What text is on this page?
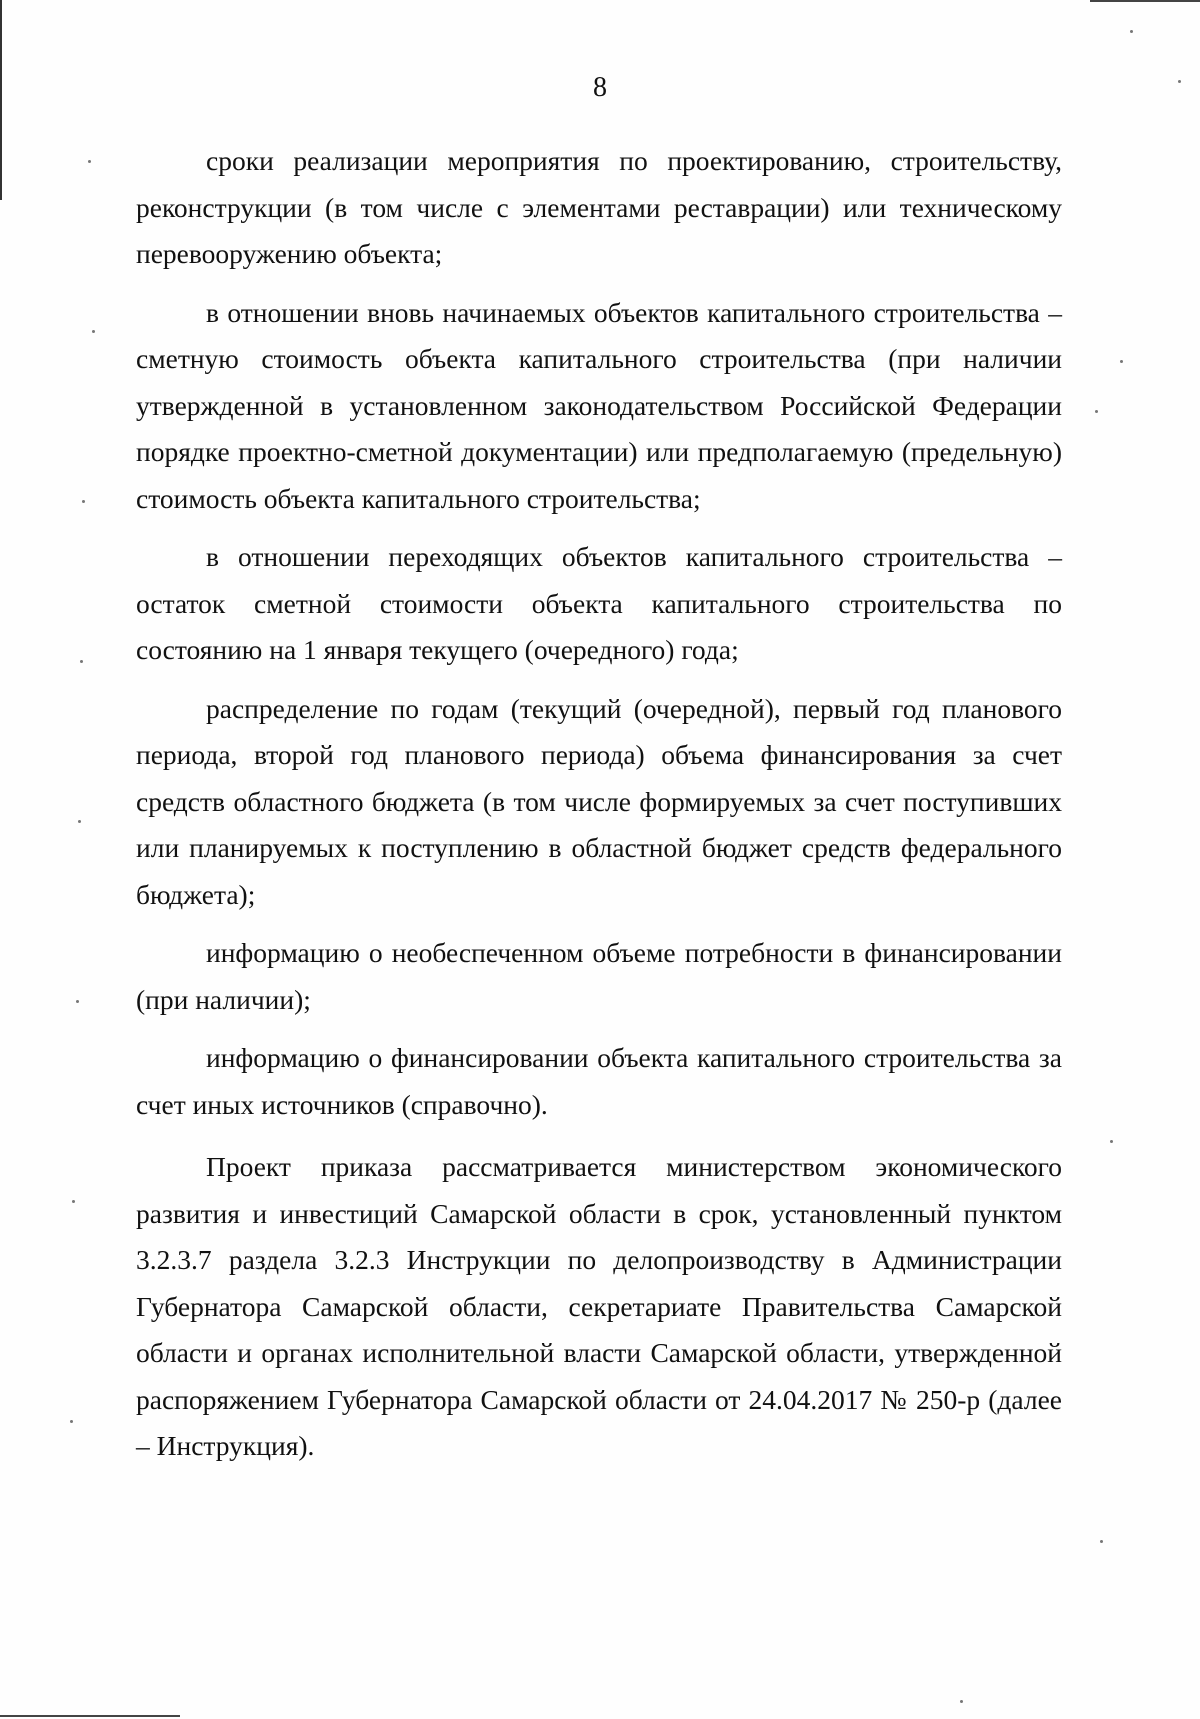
8

сроки реализации мероприятия по проектированию, строительству, реконструкции (в том числе с элементами реставрации) или техническому перевооружению объекта;

в отношении вновь начинаемых объектов капитального строительства – сметную стоимость объекта капитального строительства (при наличии утвержденной в установленном законодательством Российской Федерации порядке проектно-сметной документации) или предполагаемую (предельную) стоимость объекта капитального строительства;

в отношении переходящих объектов капитального строительства – остаток сметной стоимости объекта капитального строительства по состоянию на 1 января текущего (очередного) года;

распределение по годам (текущий (очередной), первый год планового периода, второй год планового периода) объема финансирования за счет средств областного бюджета (в том числе формируемых за счет поступивших или планируемых к поступлению в областной бюджет средств федерального бюджета);

информацию о необеспеченном объеме потребности в финансировании (при наличии);

информацию о финансировании объекта капитального строительства за счет иных источников (справочно).

Проект приказа рассматривается министерством экономического развития и инвестиций Самарской области в срок, установленный пунктом 3.2.3.7 раздела 3.2.3 Инструкции по делопроизводству в Администрации Губернатора Самарской области, секретариате Правительства Самарской области и органах исполнительной власти Самарской области, утвержденной распоряжением Губернатора Самарской области от 24.04.2017 № 250-р (далее – Инструкция).
